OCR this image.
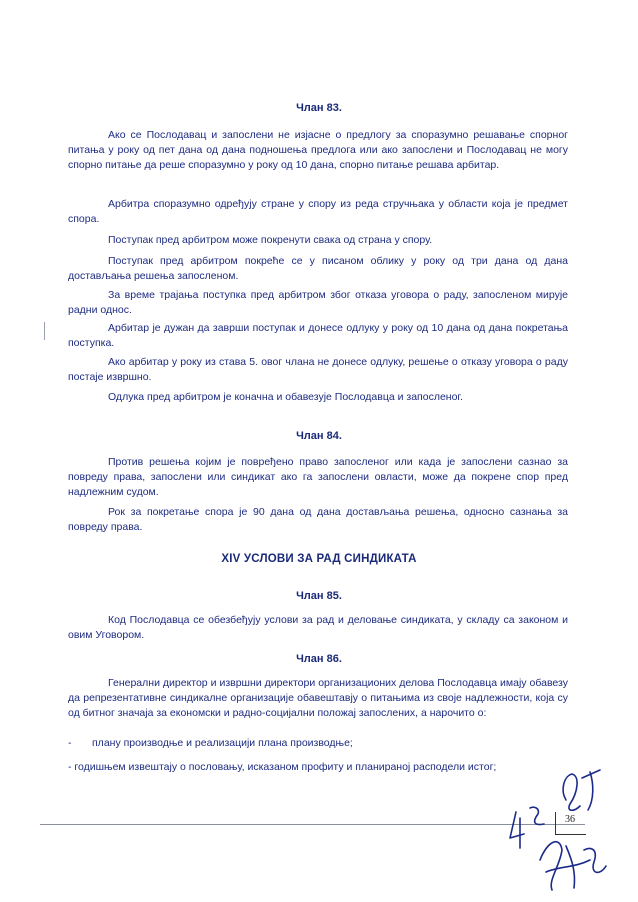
Члан 83.

Ако се Послодавац и запослени не изјасне о предлогу за споразумно решавање спорног питања у року од пет дана од дана подношења предлога или ако запослени и Послодавац не могу спорно питање да реше споразумно у року од 10 дана, спорно питање решава арбитар.

Арбитра споразумно одређују стране у спору из реда стручњака у области која је предмет спора.

Поступак пред арбитром може покренути свака од страна у спору.

Поступак пред арбитром покреће се у писаном облику у року од три дана од дана достављања решења запосленом.

За време трајања поступка пред арбитром због отказа уговора о раду, запосленом мирује радни однос.

Арбитар је дужан да заврши поступак и донесе одлуку у року од 10 дана од дана покретања поступка.

Ако арбитар у року из става 5. овог члана не донесе одлуку, решење о отказу уговора о раду постаје извршно.

Одлука пред арбитром је коначна и обавезује Послодавца и запосленог.

Члан 84.

Против решења којим је повређено право запосленог или када је запослени сазнао за повреду права, запослени или синдикат ако га запослени овласти, може да покрене спор пред надлежним судом.

Рок за покретање спора је 90 дана од дана достављања решења, односно сазнања за повреду права.

XIV УСЛОВИ ЗА РАД СИНДИКАТА
Члан 85.

Код Послодавца се обезбеђују услови за рад и деловање синдиката, у складу са законом и овим Уговором.

Члан 86.

Генерални директор и извршни директори организационих делова Послодавца имају обавезу да репрезентативне синдикалне организације обавештавју о питањима из своје надлежности, која су од битног значаја за економски и радно-социјални положај запослених, а нарочито о:

- плану производње и реализацији плана производње;

- годишњем извештају о пословању, исказаном профиту и планираној расподели истог;

36
